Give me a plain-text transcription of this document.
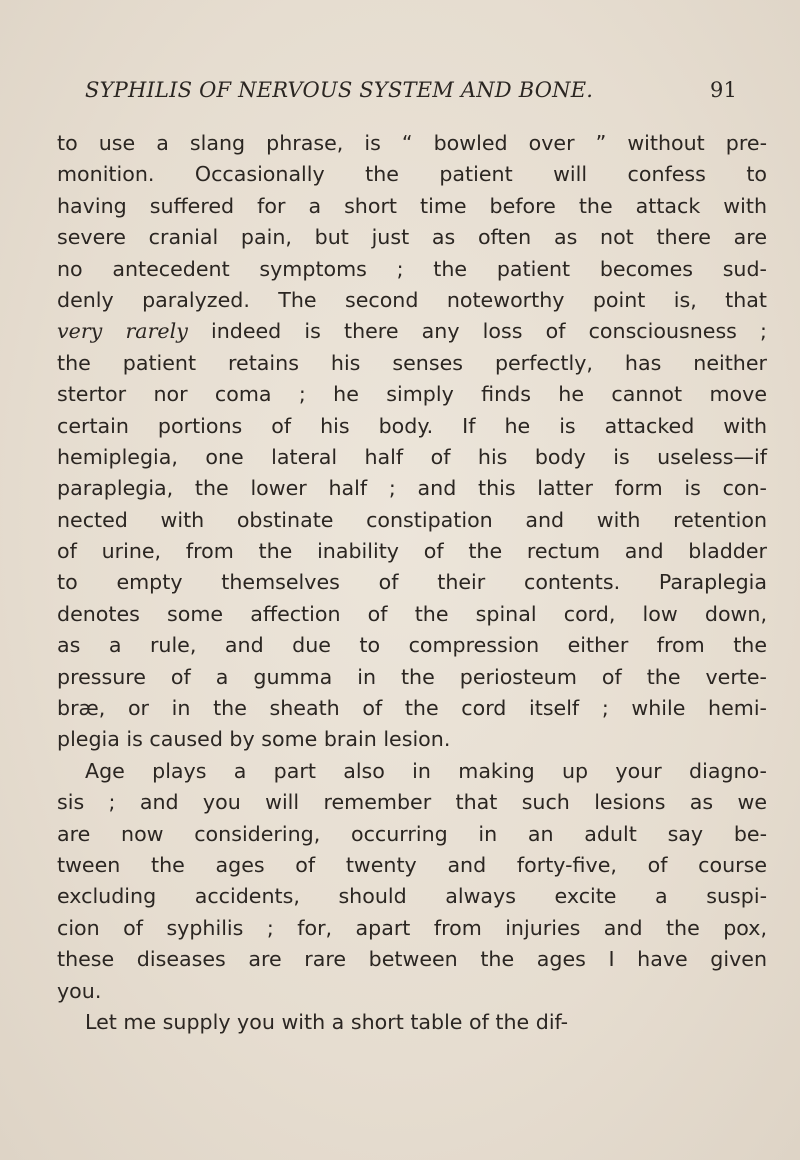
SYPHILIS OF NERVOUS SYSTEM AND BONE.	91
to use a slang phrase, is “ bowled over ” without pre-
monition. Occasionally the patient will confess to
having suffered for a short time before the attack with
severe cranial pain, but just as often as not there are
no antecedent symptoms ; the patient becomes sud-
denly paralyzed. The second noteworthy point is, that
very rarely indeed is there any loss of consciousness ;
the patient retains his senses perfectly, has neither
stertor nor coma ; he simply finds he cannot move
certain portions of his body. If he is attacked with
hemiplegia, one lateral half of his body is useless—if
paraplegia, the lower half ; and this latter form is con-
nected with obstinate constipation and with retention
of urine, from the inability of the rectum and bladder
to empty themselves of their contents. Paraplegia
denotes some affection of the spinal cord, low down,
as a rule, and due to compression either from the
pressure of a gumma in the periosteum of the verte-
bræ, or in the sheath of the cord itself ; while hemi-
plegia is caused by some brain lesion.
Age plays a part also in making up your diagno-
sis ; and you will remember that such lesions as we
are now considering, occurring in an adult say be-
tween the ages of twenty and forty-five, of course
excluding accidents, should always excite a suspi-
cion of syphilis ; for, apart from injuries and the pox,
these diseases are rare between the ages I have given
you.
Let me supply you with a short table of the dif-
